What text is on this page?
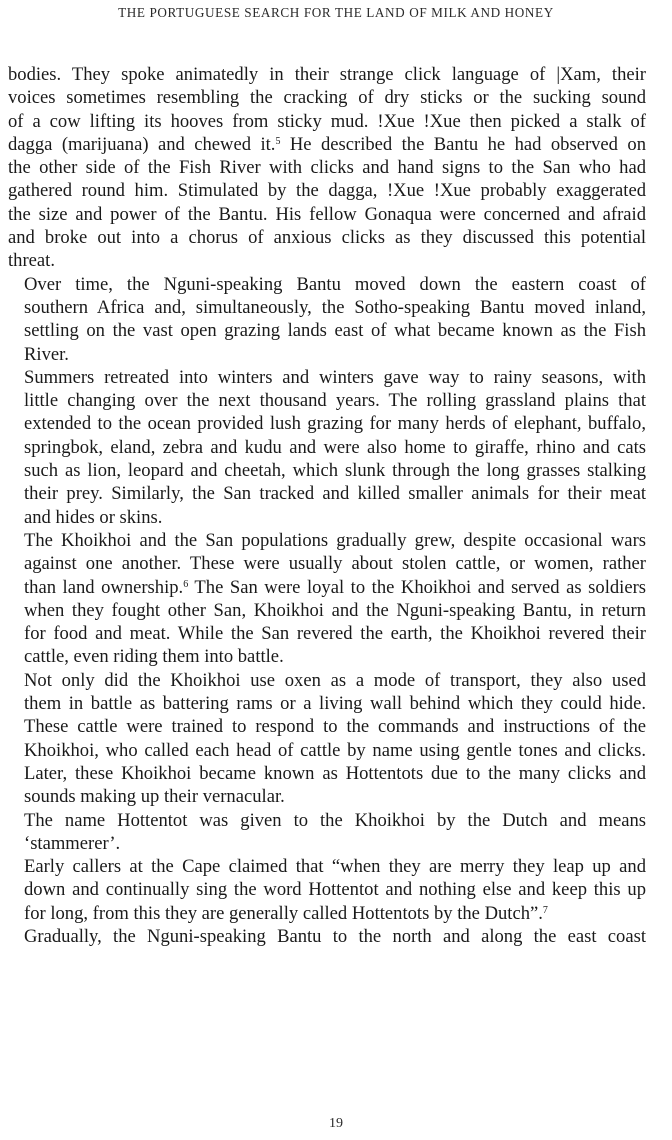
THE PORTUGUESE SEARCH FOR THE LAND OF MILK AND HONEY

bodies. They spoke animatedly in their strange click language of |Xam, their
voices sometimes resembling the cracking of dry sticks or the sucking sound
of a cow lifting its hooves from sticky mud. !Xue !Xue then picked a stalk of
dagga (marijuana) and chewed it.$^5$ He described the Bantu he had observed on
the other side of the Fish River with clicks and hand signs to the San who had
gathered round him. Stimulated by the dagga, !Xue !Xue probably exaggerated
the size and power of the Bantu. His fellow Gonaqua were concerned and afraid
and broke out into a chorus of anxious clicks as they discussed this potential
threat.

Over time, the Nguni-speaking Bantu moved down the eastern coast of
southern Africa and, simultaneously, the Sotho-speaking Bantu moved inland,
settling on the vast open grazing lands east of what became known as the Fish
River.

Summers retreated into winters and winters gave way to rainy seasons, with
little changing over the next thousand years. The rolling grassland plains that
extended to the ocean provided lush grazing for many herds of elephant, buffalo,
springbok, eland, zebra and kudu and were also home to giraffe, rhino and cats
such as lion, leopard and cheetah, which slunk through the long grasses stalking
their prey. Similarly, the San tracked and killed smaller animals for their meat
and hides or skins.

The Khoikhoi and the San populations gradually grew, despite occasional wars
against one another. These were usually about stolen cattle, or women, rather
than land ownership.$^6$ The San were loyal to the Khoikhoi and served as soldiers
when they fought other San, Khoikhoi and the Nguni-speaking Bantu, in return
for food and meat. While the San revered the earth, the Khoikhoi revered their
cattle, even riding them into battle.

Not only did the Khoikhoi use oxen as a mode of transport, they also used
them in battle as battering rams or a living wall behind which they could hide.
These cattle were trained to respond to the commands and instructions of the
Khoikhoi, who called each head of cattle by name using gentle tones and clicks.
Later, these Khoikhoi became known as Hottentots due to the many clicks and
sounds making up their vernacular.

The name Hottentot was given to the Khoikhoi by the Dutch and means
‘stammerer’.

Early callers at the Cape claimed that “when they are merry they leap up and
down and continually sing the word Hottentot and nothing else and keep this up
for long, from this they are generally called Hottentots by the Dutch”.$^7$

Gradually, the Nguni-speaking Bantu to the north and along the east coast

19
